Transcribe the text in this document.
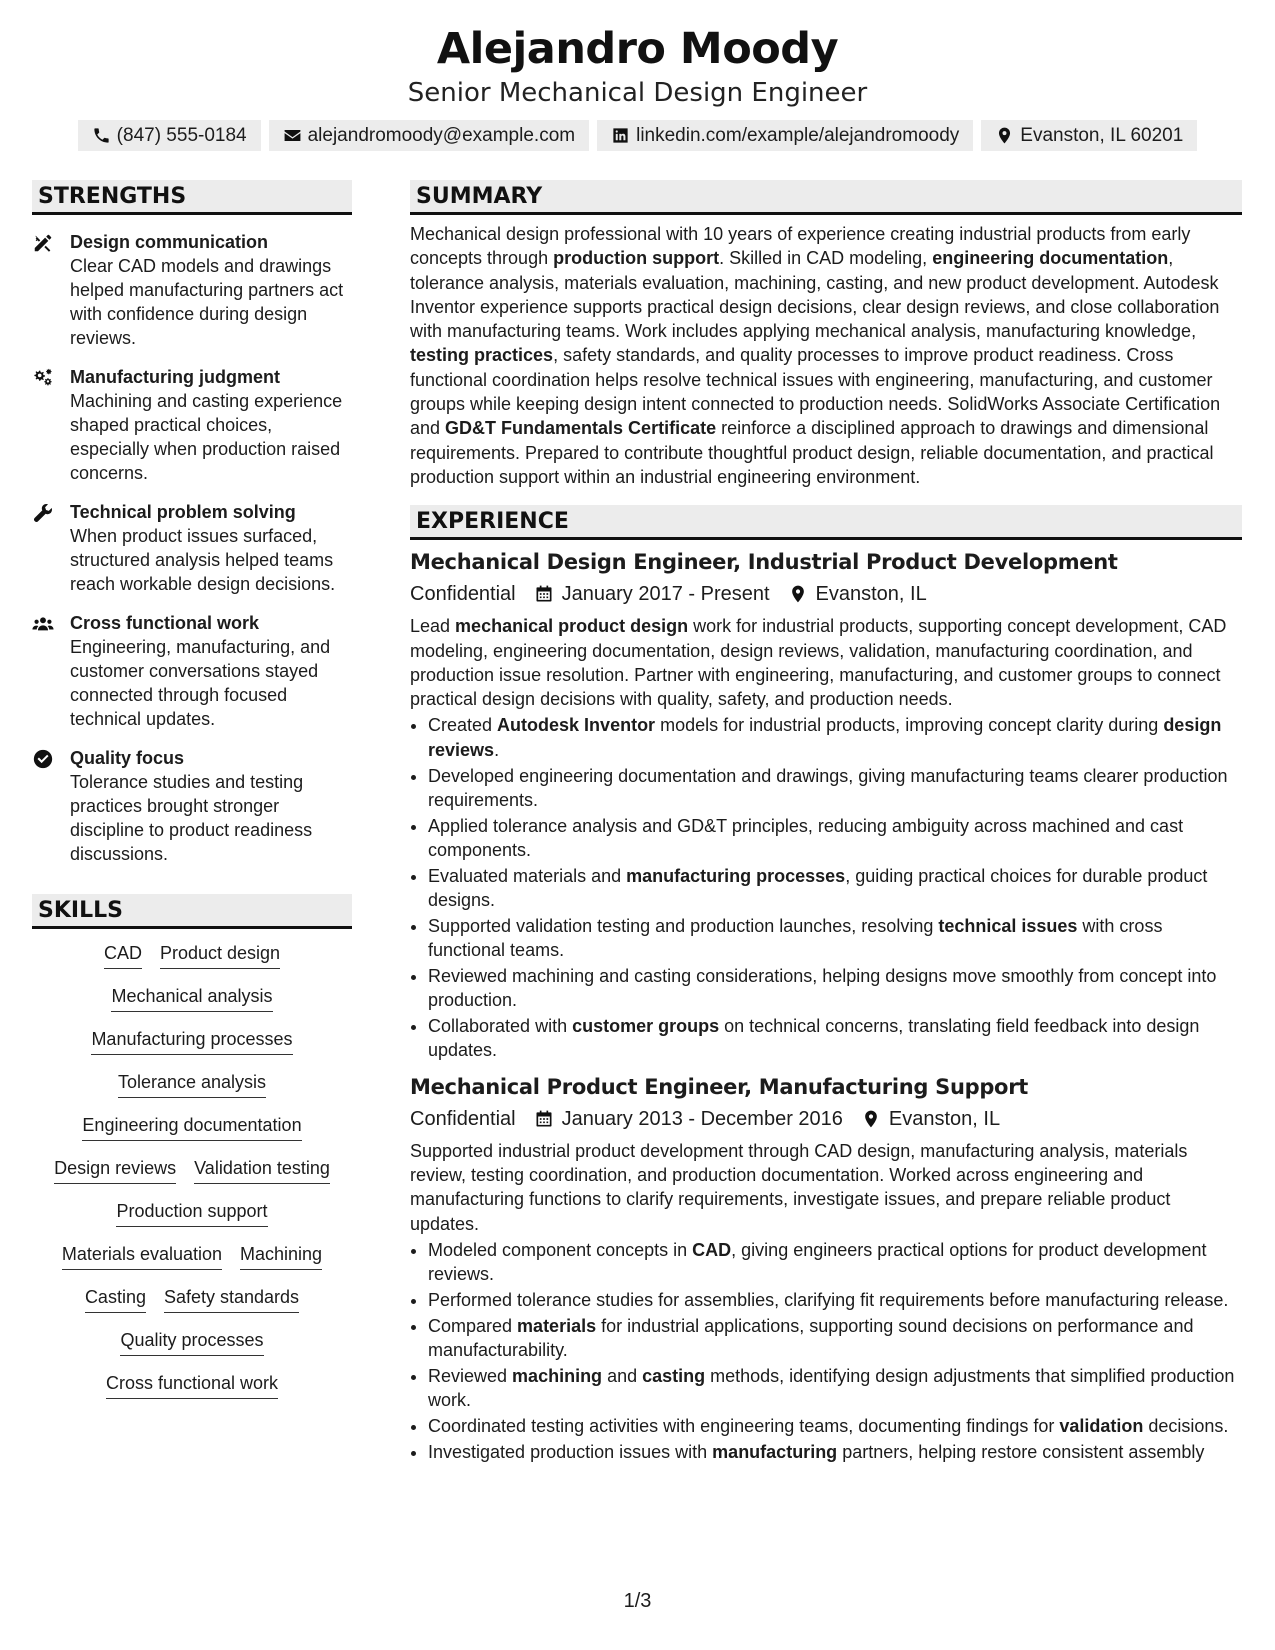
Alejandro Moody
Senior Mechanical Design Engineer
(847) 555-0184	alejandromoody@example.com	linkedin.com/example/alejandromoody	Evanston, IL 60201
STRENGTHS
Design communication
Clear CAD models and drawings helped manufacturing partners act with confidence during design reviews.
Manufacturing judgment
Machining and casting experience shaped practical choices, especially when production raised concerns.
Technical problem solving
When product issues surfaced, structured analysis helped teams reach workable design decisions.
Cross functional work
Engineering, manufacturing, and customer conversations stayed connected through focused technical updates.
Quality focus
Tolerance studies and testing practices brought stronger discipline to product readiness discussions.
SKILLS
CAD Product design
Mechanical analysis
Manufacturing processes
Tolerance analysis
Engineering documentation
Design reviews Validation testing
Production support
Materials evaluation Machining
Casting Safety standards
Quality processes
Cross functional work
SUMMARY
Mechanical design professional with 10 years of experience creating industrial products from early concepts through production support. Skilled in CAD modeling, engineering documentation, tolerance analysis, materials evaluation, machining, casting, and new product development. Autodesk Inventor experience supports practical design decisions, clear design reviews, and close collaboration with manufacturing teams. Work includes applying mechanical analysis, manufacturing knowledge, testing practices, safety standards, and quality processes to improve product readiness. Cross functional coordination helps resolve technical issues with engineering, manufacturing, and customer groups while keeping design intent connected to production needs. SolidWorks Associate Certification and GD&T Fundamentals Certificate reinforce a disciplined approach to drawings and dimensional requirements. Prepared to contribute thoughtful product design, reliable documentation, and practical production support within an industrial engineering environment.
EXPERIENCE
Mechanical Design Engineer, Industrial Product Development
Confidential January 2017 - Present Evanston, IL
Lead mechanical product design work for industrial products, supporting concept development, CAD modeling, engineering documentation, design reviews, validation, manufacturing coordination, and production issue resolution. Partner with engineering, manufacturing, and customer groups to connect practical design decisions with quality, safety, and production needs.
• Created Autodesk Inventor models for industrial products, improving concept clarity during design reviews.
• Developed engineering documentation and drawings, giving manufacturing teams clearer production requirements.
• Applied tolerance analysis and GD&T principles, reducing ambiguity across machined and cast components.
• Evaluated materials and manufacturing processes, guiding practical choices for durable product designs.
• Supported validation testing and production launches, resolving technical issues with cross functional teams.
• Reviewed machining and casting considerations, helping designs move smoothly from concept into production.
• Collaborated with customer groups on technical concerns, translating field feedback into design updates.
Mechanical Product Engineer, Manufacturing Support
Confidential January 2013 - December 2016 Evanston, IL
Supported industrial product development through CAD design, manufacturing analysis, materials review, testing coordination, and production documentation. Worked across engineering and manufacturing functions to clarify requirements, investigate issues, and prepare reliable product updates.
• Modeled component concepts in CAD, giving engineers practical options for product development reviews.
• Performed tolerance studies for assemblies, clarifying fit requirements before manufacturing release.
• Compared materials for industrial applications, supporting sound decisions on performance and manufacturability.
• Reviewed machining and casting methods, identifying design adjustments that simplified production work.
• Coordinated testing activities with engineering teams, documenting findings for validation decisions.
• Investigated production issues with manufacturing partners, helping restore consistent assembly
1/3
